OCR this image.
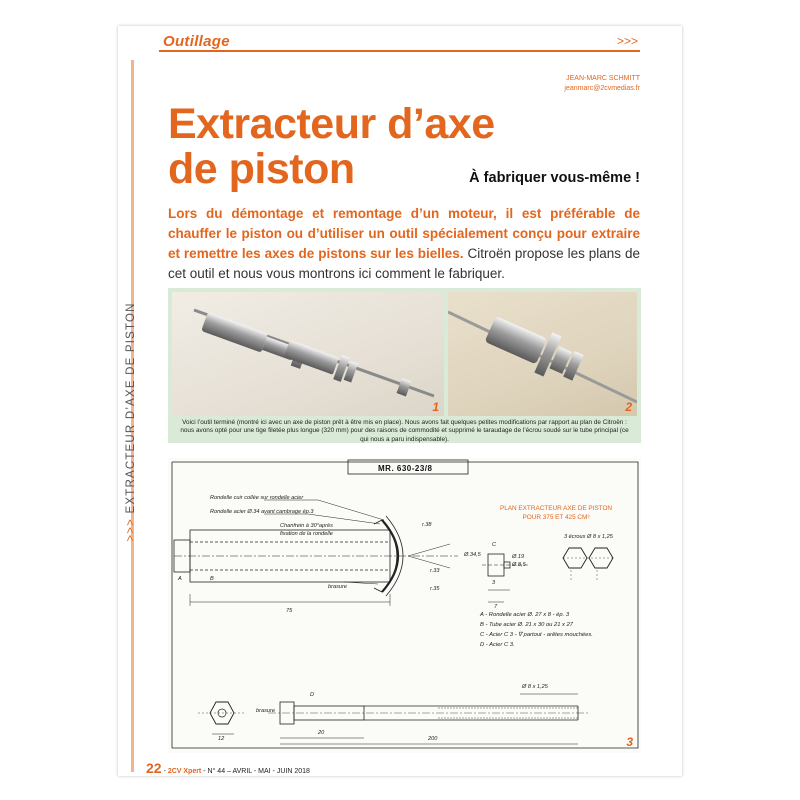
Outillage	>>>
>>> EXTRACTEUR D’AXE DE PISTON
JEAN-MARC SCHMITT
jeanmarc@2cvmedias.fr
Extracteur d’axe
de piston	À fabriquer vous-même !
Lors du démontage et remontage d’un moteur, il est préférable de chauffer le piston ou d’utiliser un outil spécialement conçu pour extraire et remettre les axes de pistons sur les bielles. Citroën propose les plans de cet outil et nous vous montrons ici comment le fabriquer.
1	2
Voici l’outil terminé (montré ici avec un axe de piston prêt à être mis en place). Nous avons fait quelques petites modifications par rapport au plan de Citroën : nous avons opté pour une tige filetée plus longue (320 mm) pour des raisons de commodité et supprimé le taraudage de l’écrou soudé sur le tube principal (ce qui nous a paru indispensable).
MR. 630-23/8
PLAN EXTRACTEUR AXE DE PISTON
POUR 375 ET 425 CM³
Rondelle cuir collée sur rondelle acier
Rondelle acier Ø.34 avant cambrage ép.3
Chanfrein à 30°après
fixation de la rondelle
brasure
A	B
75
r.38
r.33
r.35
Ø.34,5
C
Ø.19
Ø.8,5
3
7
3 écrous Ø 8 x 1,25
A - Rondelle acier Ø. 27 x 8 - ép. 3
B - Tube acier Ø. 21 x 30 ou 21 x 27
C - Acier C 3 - ∇ partout - arêtes mouchées.
D - Acier C 3.
D
brasure
Ø 8 x 1,25
12
20
200	3
22 - 2CV Xpert - N° 44 – AVRIL - MAI - JUIN 2018
